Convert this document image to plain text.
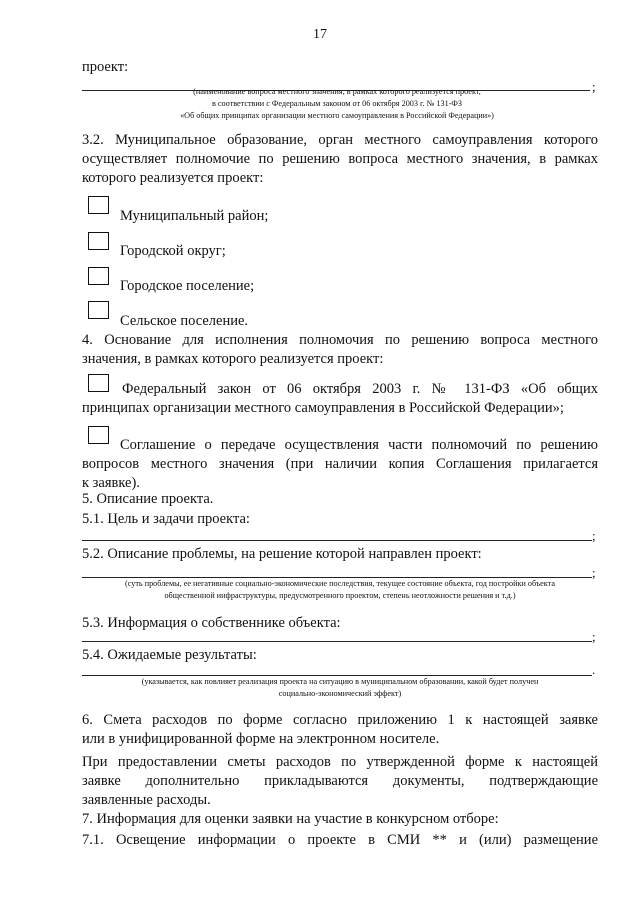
17
проект:
;
(наименование вопроса местного значения, в рамках которого реализуется проект,
в соответствии с Федеральным законом от 06 октября 2003 г. № 131-ФЗ
«Об общих принципах организации местного самоуправления в Российской Федерации»)
3.2. Муниципальное образование, орган местного самоуправления которого
осуществляет полномочие по решению вопроса местного значения, в рамках
которого реализуется проект:
Муниципальный район;
Городской округ;
Городское поселение;
Сельское поселение.
4. Основание для исполнения полномочия по решению вопроса местного
значения, в рамках которого реализуется проект:
Федеральный закон от 06 октября 2003 г. № 131-ФЗ «Об общих
принципах организации местного самоуправления в Российской Федерации»;
Соглашение о передаче осуществления части полномочий по решению
вопросов местного значения (при наличии копия Соглашения прилагается
к заявке).
5. Описание проекта.
5.1. Цель и задачи проекта:
;
5.2. Описание проблемы, на решение которой направлен проект:
;
(суть проблемы, ее негативные социально-экономические последствия, текущее состояние объекта, год постройки объекта
общественной инфраструктуры, предусмотренного проектом, степень неотложности решения и т.д.)
5.3. Информация о собственнике объекта:
;
5.4. Ожидаемые результаты:
.
(указывается, как повлияет реализация проекта на ситуацию в муниципальном образовании, какой будет получен
социально-экономический эффект)
6. Смета расходов по форме согласно приложению 1 к настоящей заявке
или в унифицированной форме на электронном носителе.
При предоставлении сметы расходов по утвержденной форме к настоящей
заявке дополнительно прикладываются документы, подтверждающие
заявленные расходы.
7. Информация для оценки заявки на участие в конкурсном отборе:
7.1. Освещение информации о проекте в СМИ ** и (или) размещение
